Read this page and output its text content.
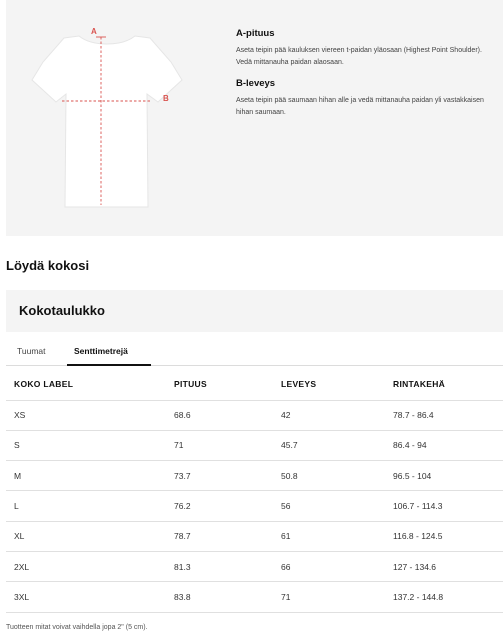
A
B
A-pituus
Aseta teipin pää kauluksen viereen t-paidan yläosaan (Highest Point Shoulder). Vedä mittanauha paidan alaosaan.
B-leveys
Aseta teipin pää saumaan hihan alle ja vedä mittanauha paidan yli vastakkaisen hihan saumaan.
Löydä kokosi
Kokotaulukko
Tuumat	Senttimetrejä
KOKO LABEL	PITUUS	LEVEYS	RINTAKEHÄ
XS	68.6	42	78.7 - 86.4
S	71	45.7	86.4 - 94
M	73.7	50.8	96.5 - 104
L	76.2	56	106.7 - 114.3
XL	78.7	61	116.8 - 124.5
2XL	81.3	66	127 - 134.6
3XL	83.8	71	137.2 - 144.8
Tuotteen mitat voivat vaihdella jopa 2" (5 cm).
